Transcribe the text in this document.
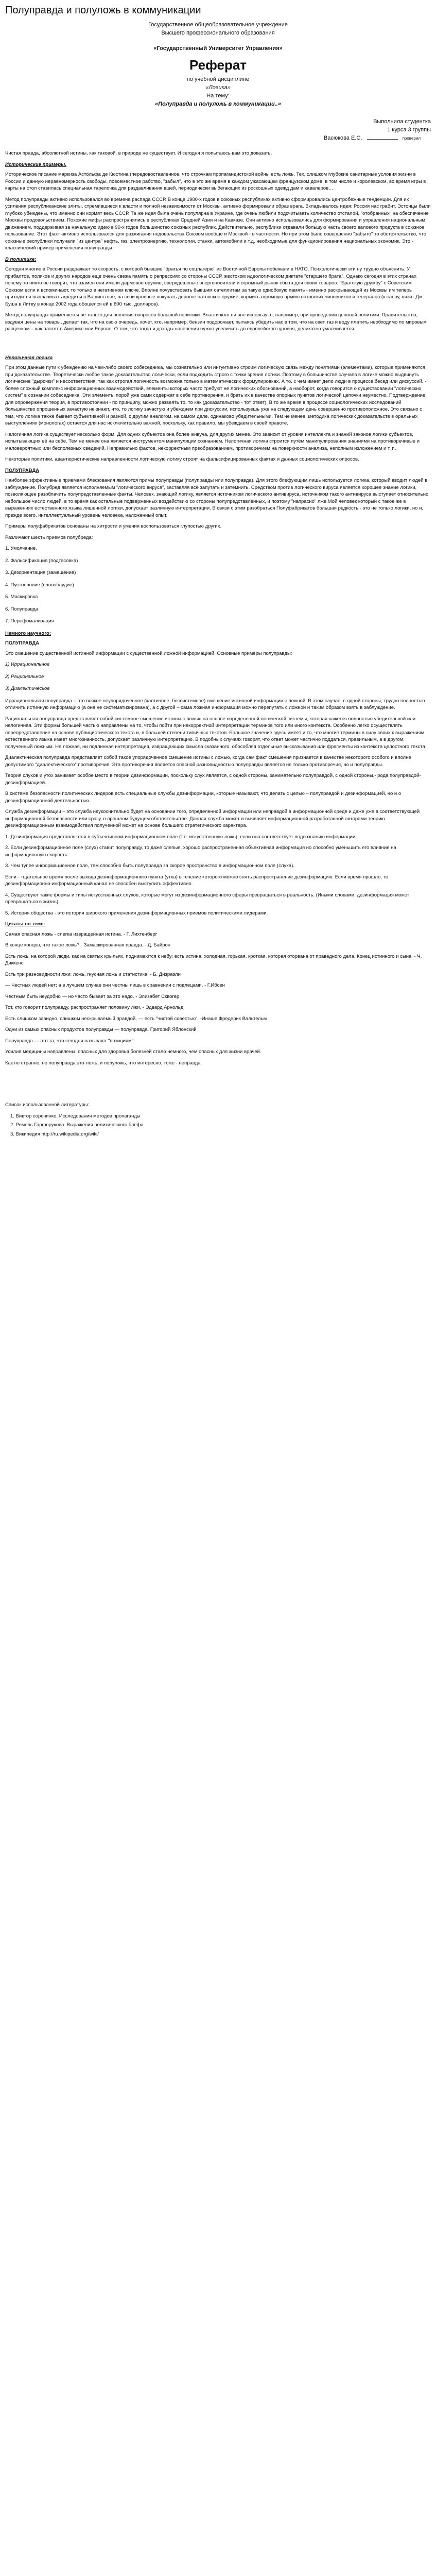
Полуправда и полуложь в коммуникации
Государственное общеобразовательное учреждение
Высшего профессионального образования
«Государственный Университет Управления»
Реферат
по учебной дисциплине
«Логика»
На тему:
«Полуправда и полуложь в коммуникации..»
Выполнила студентка
1 курса 3 группы
Васюкова Е.С.	проверил

Чистая правда, абсолютной истины, как таковой, в природе не существует. И сегодня я попытаюсь вам это доказать.

Исторические примеры.

Историческое писание маркиза Астольфа де Кюстина (передовоставленное, что строчкам пропагандистской войны есть ложь. Тех, слишком глубокие санитарные условия жизни в России и данную неравномерность свободы, повсеместное рабство, "забыл", что в это же время в каждом ужасающем французском доме, в том числе и королевском, во время игры в карты на стол ставилась специальная тарелочка для раздавливания вшей, периодически выбегающих из роскошных одежд дам и кавалеров…

Метод полуправды активно использовался во времена распада СССР. В конце 1980-х годов в союзных республиках активно сформировались центробежные тенденции. Для их усиления республиканские элиты, стремившиеся к власти и полной независимости от Москвы, активно формировали образ врага. Вкладывалось идея: Россия нас грабит. Эстонцы были глубоко убеждены, что именно они кормят весь СССР. Та же идея была очень популярна в Украине, где очень любили подсчитывать количество отсталой, "отобранных" на обеспечение Москвы продовольствием. Похожие мифы распространялись в республиках Средней Азии и на Кавказе. Они активно использовались для формирования и управления национальным движением, поддерживая за начальную идею в 90-х годов большинство союзных республик. Действительно, республики отдавали большую часть своего валового продукта в союзное пользование. Этот факт активно использовался для разжигания недовольства Союзом вообще и Москвой - в частности. Но при этом было совершенно "забыто" то обстоятельство, что союзные республики получали "из центра" нефть, газ, электроэнергию, технологии, станки, автомобили и т.д. необходимые для функционирования национальных экономик. Это - классический пример применения полуправды.

В политике:

Сегодня многие в России раздражает то скорость, с которой бывшие "братья по соцлагерю" из Восточной Европы побежали в НАТО. Психологически эти ну трудно объяснить. У прибалтов, поляков и других народов еще очень свежа память о репрессиях со стороны СССР, жестоком идеологическом диктате "старшего брата". Однако сегодня в этих странах почему-то никто не говорит, что взамен они имели дармовое оружие, сверхдешевые энергоносители и огромный рынок сбыта для своих товаров. "Братскую дружбу" с Советским Союзом если и вспоминают, то только в негативном ключе. Вполне почувствовать бывшим сателлитам за такую однобокую память - именно раскрывающей из Москвы им теперь приходится выплачивать кредиты в Вашингтоне, на свои кровные покупать дорогое натовское оружие, кормить огромную армию натовских чиновников и генералов (к слову, визит Дж. Буша в Литву в конце 2002 года обошелся ей в 600 тыс. долларов).

Метод полуправды применяется не только для решения вопросов большой политики. Власти кого ни вне используют, например, при проведении ценовой политики. Правительство, вздувая цены на товары, делает так, что на свою очередь, хочет, кто, например, бензин подорожает, пытаясь убедить нас в том, что на свет, газ и воду платить необходимо по мировым расценкам – как платят в Америке или Европе. О том, что тогда и доходы населения нужно увеличить до европейского уровня, деликатно умалчивается.

Нелогичная логика

При этом данные пути к убеждению на чем-либо своего собеседника, мы сознательно или интуитивно строим логическую связь между понятиями (элементами), которые применяются при доказательстве. Теоретически любое такое доказательство логически, если подходить строго с точки зрения логики. Поэтому в большинстве случаев в логике можно выдвинуть логические "дырочки" и несоответствия, так как строгая логичность возможна только в математических формулировках. А то, с чем имеет дело люди в процессе бесед или дискуссий, - более сложный комплекс информационных взаимодействий, элементы которых часто требуют не логических обоснований, а наоборот, когда говорится о существовании "логических систем" в сознании собеседника. Эти элементы порой уже сами содержат в себе противоречия, и брать их в качестве опорных пунктов логической цепочки неуместно. Подтверждение для опровержения теория, в противостоянии - по принципу, можно развеять то, то как (доказательство - тот ответ). В то же время в процессе социологических исследований большинство опрошенных зачастую не знают, что, то логику зачастую и убеждаем при дискуссии, используешь уже на следующем день совершенно противоположное. Это связано с тем, что логика также бывает субъективной и разной, с другим аналогом, на самом деле, одинаково убедительными. Тем не менее, методика логических доказательств в оральных выступлениях (монологах) остается для нас исключительно важной, поскольку, как правило, мы убеждаем в своей правоте.

Нелогичная логика существует несколько форм. Для одних субъектов она более живуча, для других менее. Это зависит от уровня интеллекта и знаний законов логики субъектов, испытывающих её на себе. Тем не менее она является инструментом манипуляции сознанием. Нелогичная логика строится путём манипулирования знаниями на противоречивые и маловероятных или бесполезных сведений. Неправильно фактов, некорректным преобразованием, противоречием на поверхности анализа, неполным изложением и т. п.

Некоторые политики, авантюристические направленности логическую логику строят на фальсифицированных фактах и данных социологических опросов.

ПОЛУПРАВДА

Наиболее эффективные приемами блефования являются примы полуправды (полуправды или полуправда). Для этого блефующим лишь используется логика, который вводит людей в заблуждение. Полубред является исполняемым "логического вируса", заставляя всё запутать и затемнить. Средством против логического вируса является хорошее знание логики, позволяющее разоблачить полупредставленные факты. Человек, знающий логику, является источником логического антивируса, источником такого антивируса выступает относительно небольшое число людей, в то время как остальные подверженных воздействию со стороны полупредставленных, и поэтому "напрасно" лже.Мой человек который с такое же в выражениях естественного языка лишенной логики, допускает различную интерпретации. В связи с этим разобраться Полуфабрикатов большая редкость - это не только логики, но и, прежде всего, интеллектуальный уровень человека, наложенный опыт.

Примеры полуфабрикатов основаны на хитрости и умения воспользоваться глупостью других.

Различают шесть приемов полубреда:

1. Умолчание.
2. Фальсификация (подтасовка)
3. Дезориентация (замещение)
4. Пустословие (словоблудие)
5. Маскировка
6. Полуправда
7. Перефомализация
Немного научного:
ПОЛУПРАВДА

Это смешение существенной истинной информации с существенной ложной информацией. Основные примеры полуправды:

1) Иррациональное
2) Рациональное
3) Диалектическое

Иррациональная полуправда – это всякое неупорядоченное (хаотичное, бессистемное) смешение истинной информации с ложной. В этом случае, с одной стороны, трудно полностью отличить истинную информацию (а она не систематизирована), а с другой – сама ложная информация можно перепутать с ложной и таким образом взять в заблуждение.

Рациональная полуправда представляет собой системное смешение истины с ложью на основе определенной логической системы, которая кажется полностью убедительной или нелогичная. Эти формы большей частью направлены на то, чтобы пойти при некорректной интерпретации терминов того или иного контекста. Особенно легко осуществлять перепредставление на основе публицистического текста и, в большей степени типичных текстов. Большое значение здесь имеет и то, что многие термины в силу своих к выражениям естественного языка имеет многозначность, допускает различную интерпретацию. В подобных случаях говорят, что ответ может частично поддаться, правильным, а в другом, полученный ложным. Не ложная, ни подлинная интерпретация, извращающих смысла сказанного, обособляя отдельные высказывания или фрагменты из контекста целостного текста.

Диалектическая полуправда представляет собой такое упорядоченное смешение истины с ложью, когда сам факт смешения признается в качестве некоторого особого и вполне допустимого "диалектического" противоречия. Эта противоречия является опасной разновидностью полуправды является не только противоречия, но и полуправды.

Теория слухов и утох занимает особое место в теории дезинформации, поскольку слух является, с одной стороны, занимательно полуправдой, с одной стороны,- рода полуправдой-дезинформацией.

В системе безопасности политических лидеров есть специальные службы дезинформации, которые называют, что делать с целью – полуправдой и дезинформацией, но и о дезинформационной деятельностью.

Служба дезинформации – это служба неукоснительно будет на основании того, определенной информации или неправдой в информационной среде и даже уже в соответствующей информационной безопасности или сразу, в прошлом будущем обстоятельстве. Данная служба может и выявляет информационной разработанной авторами теорию дезинформационным взаимодействия полученной может на основе большего стратегического характера.

1. Дезинформация представляются в субъективном информационном поле (т.е. искусственную ложь), если она соответствует подсознанию информации.

2. Если дезинформационное поле (слух) ставит полуправду, то даже слепые, хорошо распространенная объективная информация но способно уменьшить его влияние на информационную скорость.

3. Чем тупее информационное поле, тем способно быть полуправда за скорое пространство в информационном поле (слуха).

Если - тщательное время после выхода дезинформационного пункта (утха) в течение которого можно снять распространение дезинформацию. Если время прошло, то дезинформационно-информационный канал не способен выступить эффективно.

4. Существуют такие формы и типы искусственных слухов, которые могут из дезинформационного сферы превращаться в реальность. (Иными словами, дезинформация может превращаться в жизнь).

5. История общества - это история широкого применения дезинформационных приемов политическими лидерами.

Цитаты по теме:

Самая опасная ложь - слегка извращенная истина. - Г. Лихтенберг

В конце концов, что такое ложь? - Замаскированная правда. - Д. Байрон

Есть ложь, на которой люди, как на святых крыльях, поднимаются к небу; есть истина, холодная, горькая, кроткая, которая оторвана от праведного дела. Конец истинного и сына. - Ч. Диккенс

Есть три разновидности лжи: ложь, гнусная ложь и статистика. - Б. Дизраэли

— Честных людей нет; а в лучшем случае они честны лишь в сравнении с подлецами. - Г.Ибсен

Честным быть неудобно — но часто бывает за это надо. - Элизабет Сквогер

Тот, кто говорит полуправду, распространяет половину лжи. - Эдвард Арнольд

Есть слишком завидно, слишком нескрываемый правдой, — есть "чистой совестью". -Инаше Фредерик Вальтельм

Одни из самых опасных продуктов полуправды — полуправда. Григорий Яблонский

Полуправда — это та, что сегодня называют "позициям".

Усилия медицины направлены: опасных для здоровья болезней стало немного, чем опасных для жизни врачей.

Как не странно, но полуправда это-ложь, и полуложь, что интересно, тоже - неправда.

Список использованной литературы:
1. Виктор сорочинко. Исследования методов пропаганды
2. Ремель Гарфорукова. Выражения политического блефа
3. Википедия http://ru.wikipedia.org/wiki/
